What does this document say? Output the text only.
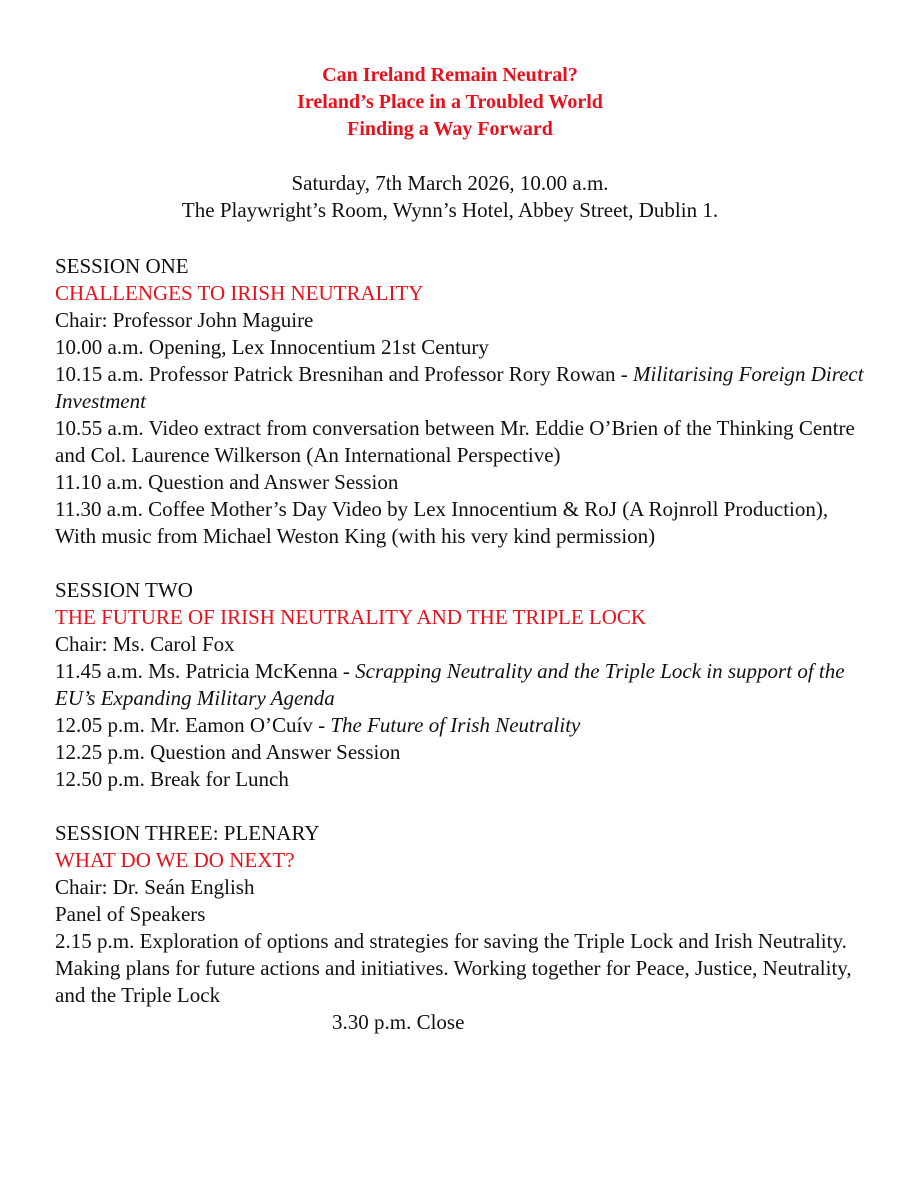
Can Ireland Remain Neutral?
Ireland’s Place in a Troubled World
Finding a Way Forward
Saturday, 7th March 2026, 10.00 a.m.
The Playwright’s Room, Wynn’s Hotel, Abbey Street, Dublin 1.
SESSION ONE
CHALLENGES TO IRISH NEUTRALITY
Chair: Professor John Maguire
10.00 a.m. Opening, Lex Innocentium 21st Century
10.15 a.m. Professor Patrick Bresnihan and Professor Rory Rowan - Militarising Foreign Direct Investment
10.55 a.m. Video extract from conversation between Mr. Eddie O’Brien of the Thinking Centre and Col. Laurence Wilkerson (An International Perspective)
11.10 a.m. Question and Answer Session
11.30 a.m. Coffee Mother’s Day Video by Lex Innocentium & RoJ (A Rojnroll Production),
With music from Michael Weston King (with his very kind permission)
SESSION TWO
THE FUTURE OF IRISH NEUTRALITY AND THE TRIPLE LOCK
Chair: Ms. Carol Fox
11.45 a.m. Ms. Patricia McKenna - Scrapping Neutrality and the Triple Lock in support of the EU’s Expanding Military Agenda
12.05 p.m. Mr. Eamon O’Cuív - The Future of Irish Neutrality
12.25 p.m. Question and Answer Session
12.50 p.m. Break for Lunch
SESSION THREE: PLENARY
WHAT DO WE DO NEXT?
Chair: Dr. Seán English
Panel of Speakers
2.15 p.m. Exploration of options and strategies for saving the Triple Lock and Irish Neutrality.
Making plans for future actions and initiatives. Working together for Peace, Justice, Neutrality, and the Triple Lock
3.30 p.m. Close
